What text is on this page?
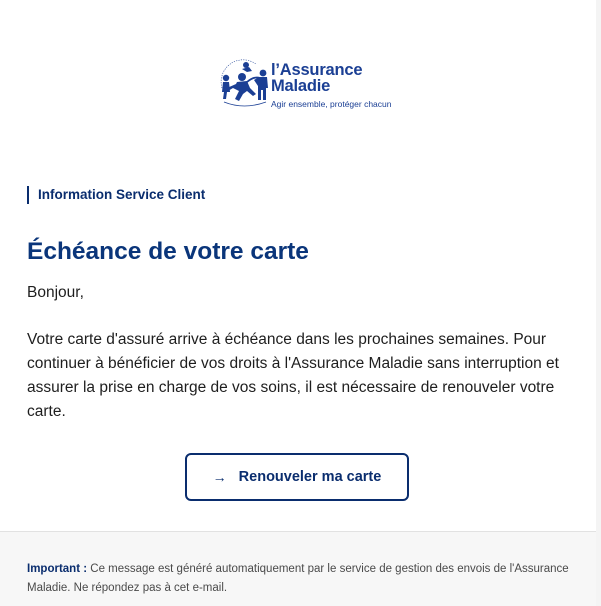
l’Assurance
Maladie
Agir ensemble, protéger chacun
Information Service Client
Échéance de votre carte
Bonjour,
Votre carte d'assuré arrive à échéance dans les prochaines semaines. Pour continuer à bénéficier de vos droits à l'Assurance Maladie sans interruption et assurer la prise en charge de vos soins, il est nécessaire de renouveler votre carte.
→ Renouveler ma carte
Important : Ce message est généré automatiquement par le service de gestion des envois de l'Assurance Maladie. Ne répondez pas à cet e-mail.
